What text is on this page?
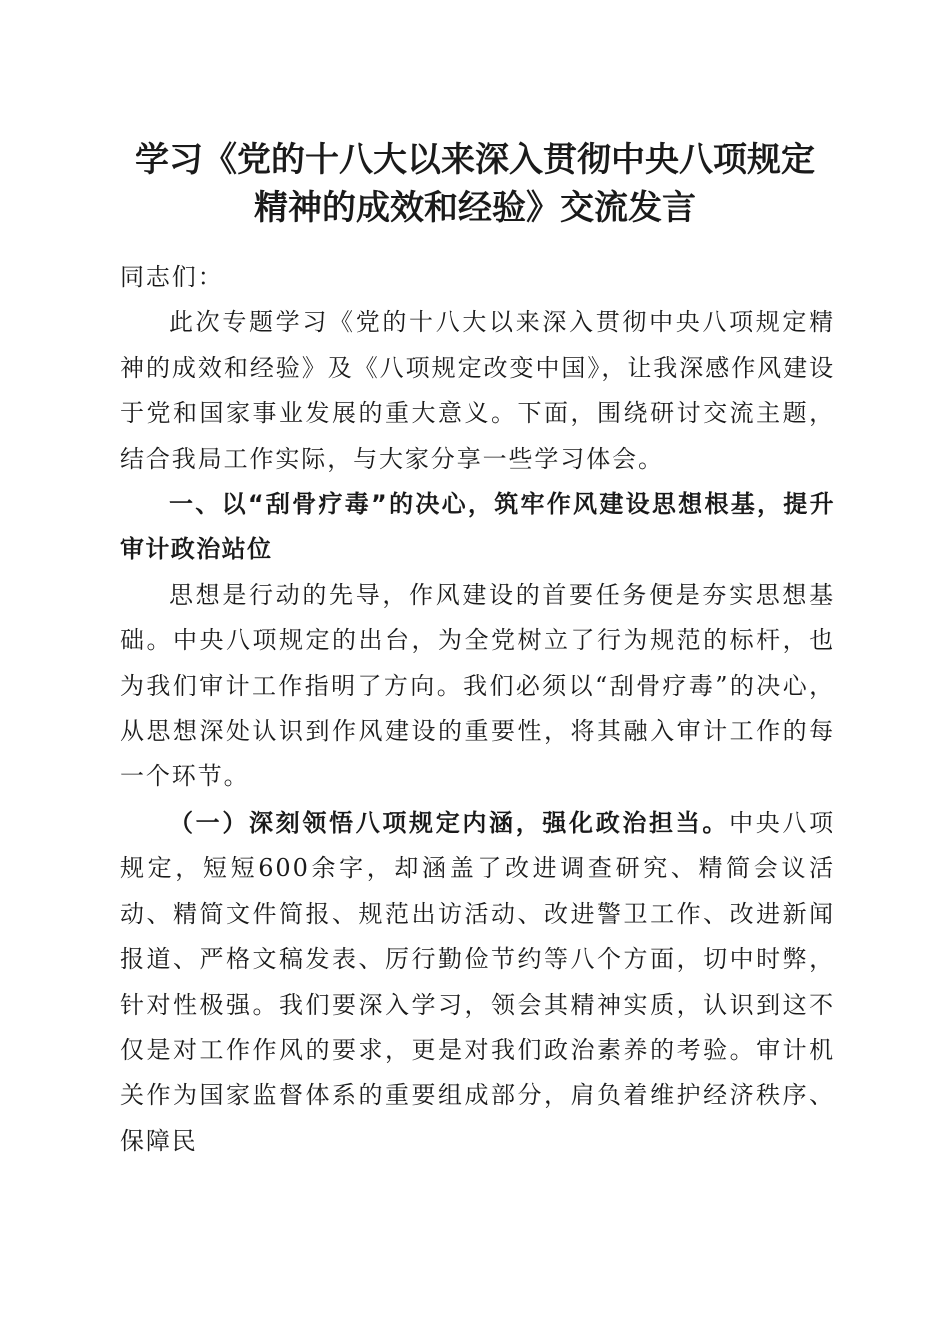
学习《党的十八大以来深入贯彻中央八项规定
精神的成效和经验》交流发言

同志们：

此次专题学习《党的十八大以来深入贯彻中央八项规定精神的成效和经验》及《八项规定改变中国》，让我深感作风建设于党和国家事业发展的重大意义。下面，围绕研讨交流主题，结合我局工作实际，与大家分享一些学习体会。

一、以“刮骨疗毒”的决心，筑牢作风建设思想根基，提升审计政治站位

思想是行动的先导，作风建设的首要任务便是夯实思想基础。中央八项规定的出台，为全党树立了行为规范的标杆，也为我们审计工作指明了方向。我们必须以“刮骨疗毒”的决心，从思想深处认识到作风建设的重要性，将其融入审计工作的每一个环节。

（一）深刻领悟八项规定内涵，强化政治担当。中央八项规定，短短600余字，却涵盖了改进调查研究、精简会议活动、精简文件简报、规范出访活动、改进警卫工作、改进新闻报道、严格文稿发表、厉行勤俭节约等八个方面，切中时弊，针对性极强。我们要深入学习，领会其精神实质，认识到这不仅是对工作作风的要求，更是对我们政治素养的考验。审计机关作为国家监督体系的重要组成部分，肩负着维护经济秩序、保障民
